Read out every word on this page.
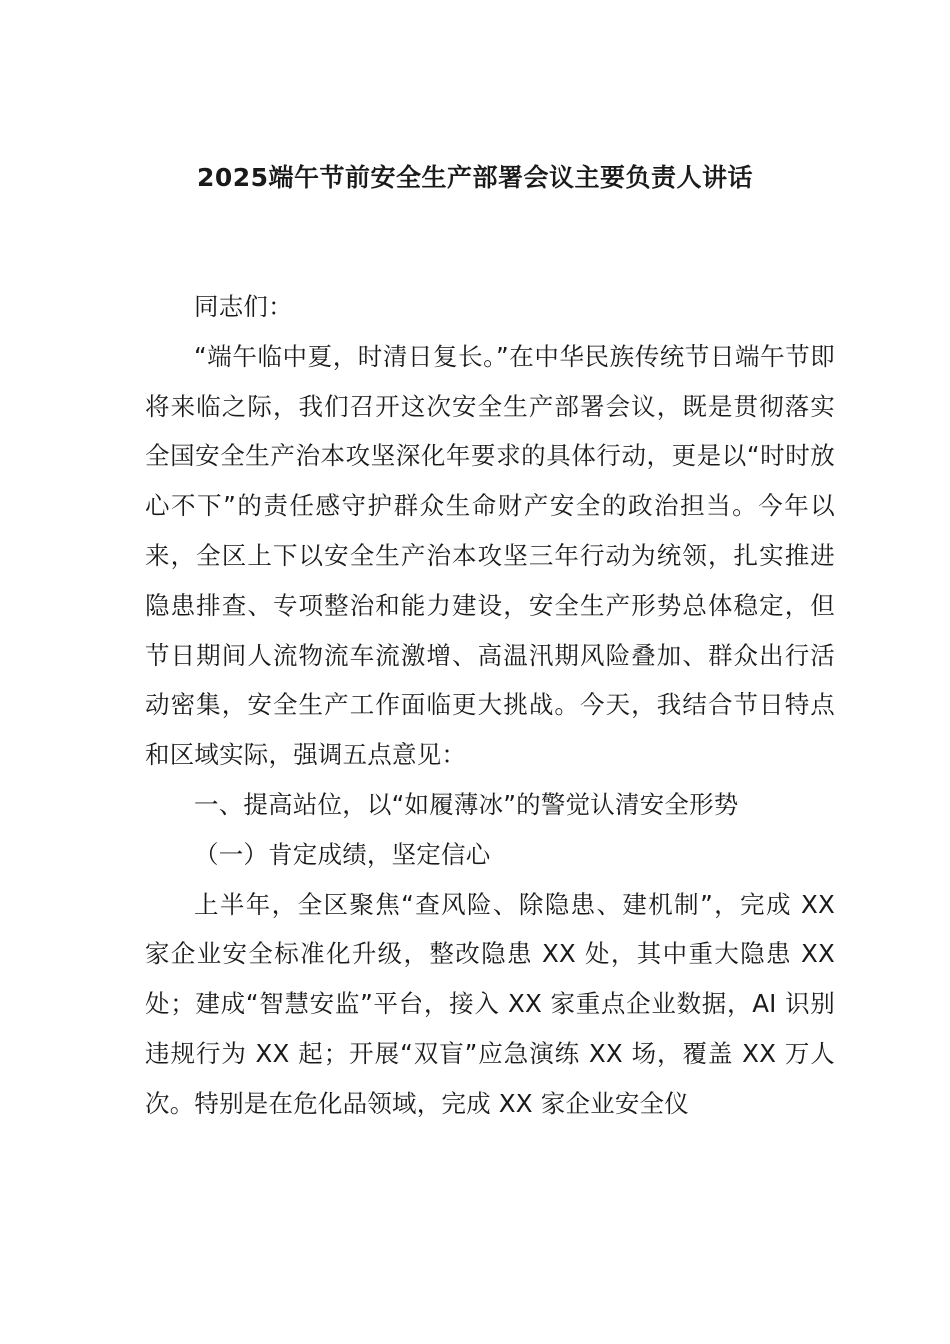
2025端午节前安全生产部署会议主要负责人讲话

同志们：

“端午临中夏，时清日复长。”在中华民族传统节日端午节即将来临之际，我们召开这次安全生产部署会议，既是贯彻落实全国安全生产治本攻坚深化年要求的具体行动，更是以“时时放心不下”的责任感守护群众生命财产安全的政治担当。今年以来，全区上下以安全生产治本攻坚三年行动为统领，扎实推进隐患排查、专项整治和能力建设，安全生产形势总体稳定，但节日期间人流物流车流激增、高温汛期风险叠加、群众出行活动密集，安全生产工作面临更大挑战。今天，我结合节日特点和区域实际，强调五点意见：

一、提高站位，以“如履薄冰”的警觉认清安全形势

（一）肯定成绩，坚定信心

上半年，全区聚焦“查风险、除隐患、建机制”，完成 XX 家企业安全标准化升级，整改隐患 XX 处，其中重大隐患 XX 处；建成“智慧安监”平台，接入 XX 家重点企业数据，AI 识别违规行为 XX 起；开展“双盲”应急演练 XX 场，覆盖 XX 万人次。特别是在危化品领域，完成 XX 家企业安全仪
